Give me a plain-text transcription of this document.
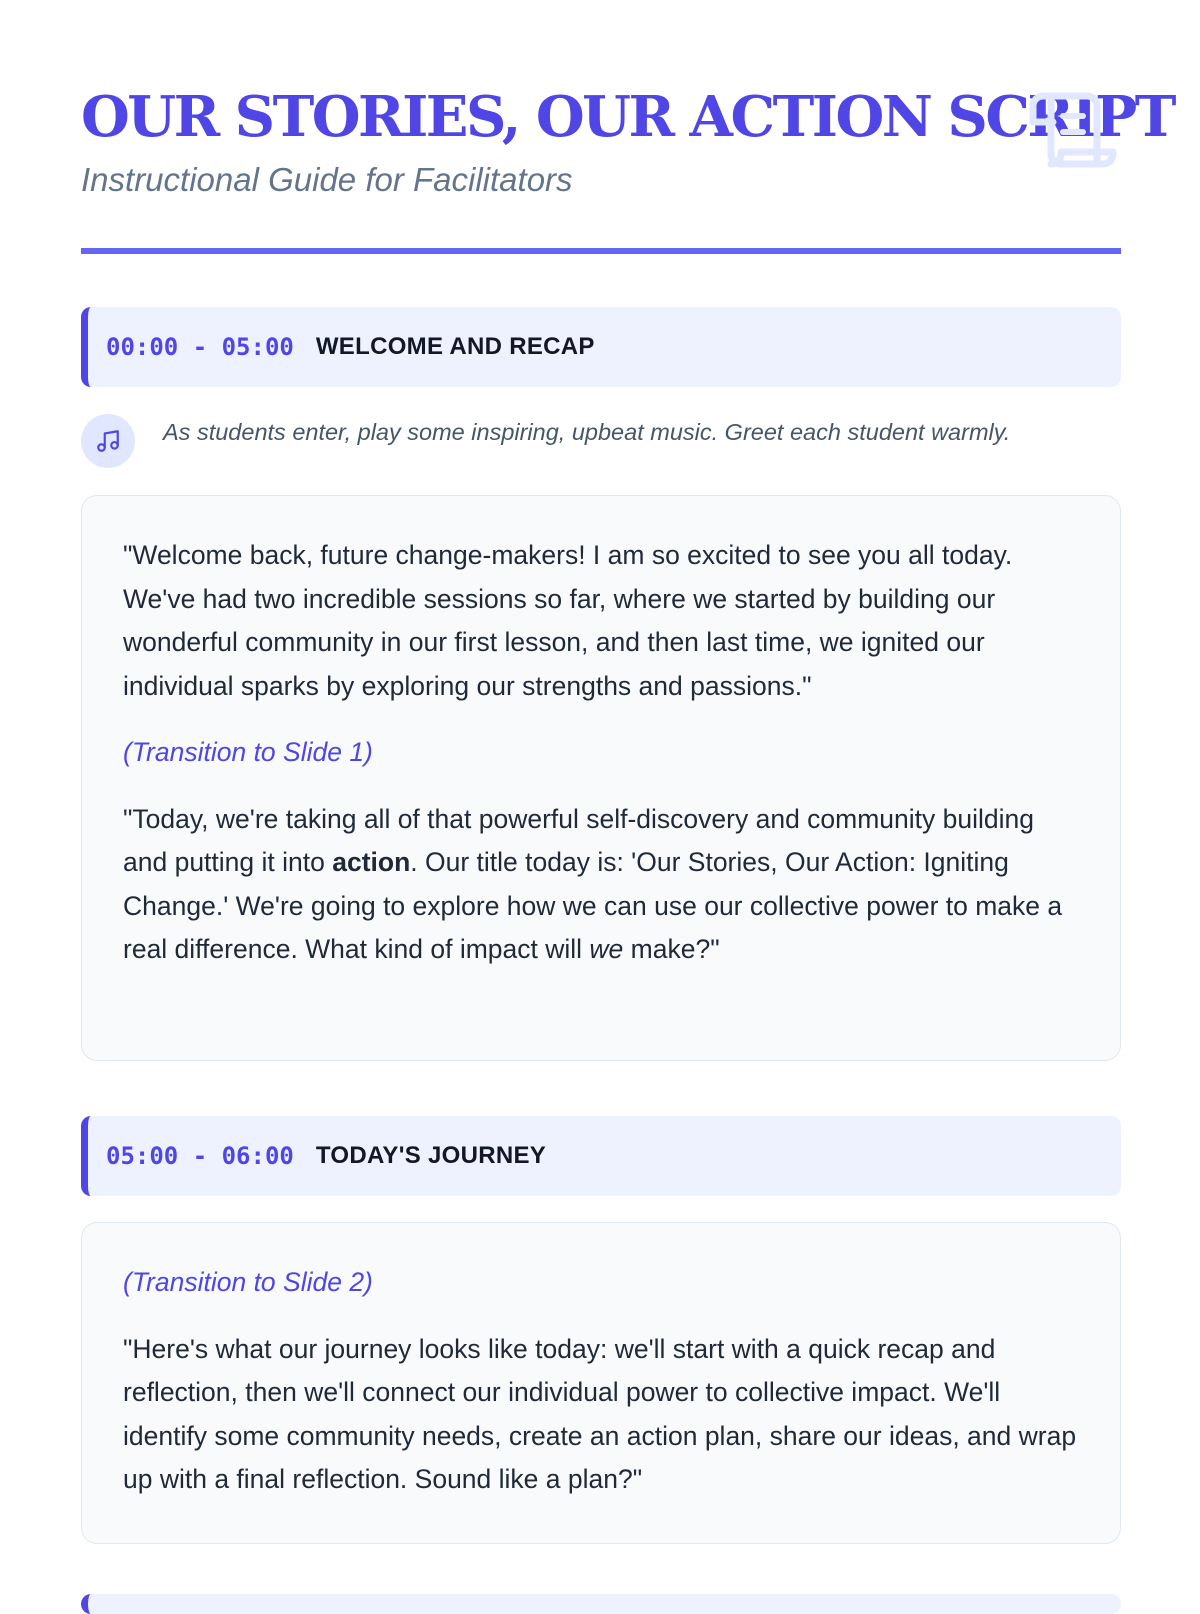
OUR STORIES, OUR ACTION SCRIPT

Instructional Guide for Facilitators

00:00 - 05:00 WELCOME AND RECAP
As students enter, play some inspiring, upbeat music. Greet each student warmly.

"Welcome back, future change-makers! I am so excited to see you all today. We've had two incredible sessions so far, where we started by building our wonderful community in our first lesson, and then last time, we ignited our individual sparks by exploring our strengths and passions."

(Transition to Slide 1)

"Today, we're taking all of that powerful self-discovery and community building and putting it into action. Our title today is: 'Our Stories, Our Action: Igniting Change.' We're going to explore how we can use our collective power to make a real difference. What kind of impact will we make?"

05:00 - 06:00 TODAY'S JOURNEY

(Transition to Slide 2)

"Here's what our journey looks like today: we'll start with a quick recap and reflection, then we'll connect our individual power to collective impact. We'll identify some community needs, create an action plan, share our ideas, and wrap up with a final reflection. Sound like a plan?"
